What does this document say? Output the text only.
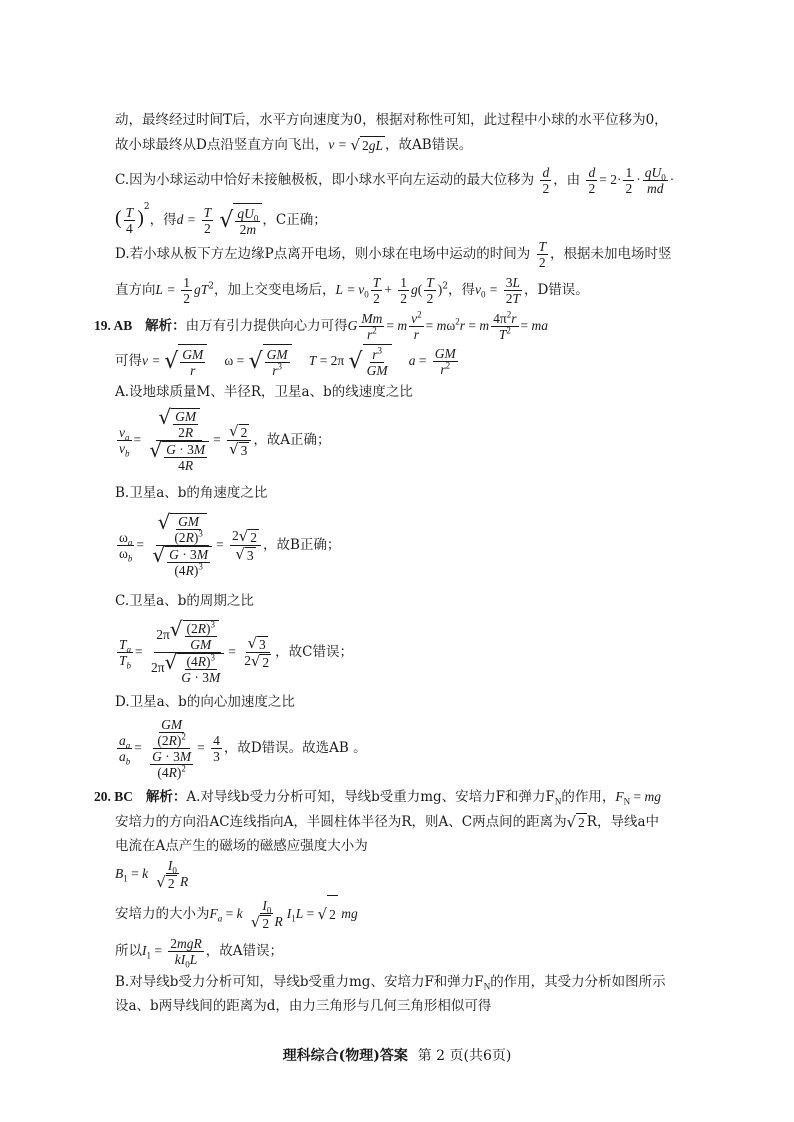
动，最终经过时间T后，水平方向速度为0，根据对称性可知，此过程中小球的水平位移为0，
故小球最终从D点沿竖直方向飞出，v = √ 2 gL ，故AB错误。
C.因为小球运动中恰好未接触极板，即小球水平向左运动的最大位移为 $\frac{d}{2}$ ，由 $\frac{d}{2} = 2\cdot \frac{1}{2} \cdot \frac{qU_0}{md}$ ·
( $\frac{T}{4} )^2$，得$d = \frac{T}{2}$
√ $\frac{qU_0}{2m}$ ，C正确；
D.若小球从板下方左边缘P点离开电场，则小球在电场中运动的时间为 $\frac{T}{2}$ ，根据未加电场时竖
直方向$L = \frac{1}{2} gT^2$，加上交变电场后，$L = v_0 \frac{T}{2} + \frac{1}{2} g( \frac{T}{2} )^2$，得$v_0 = \frac{3L}{2T}$ ，D错误。
19. AB 解析：由万有引力提供向心力可得G $\frac{Mm}{r^2} = m \frac{v^2}{r} = m\omega^2r = m \frac{4\pi^2r}{T^2}$ = ma
可得v = √ $\frac{GM}{r}$ ω = √ $\frac{GM}{r^3}$ T = 2π √ $\frac{r^3}{GM}$ $a = \frac{GM}{r^2}$
A.设地球质量M、半径R，卫星a、b的线速度之比
$\frac{v_a}{v_b} = \frac{√ \frac{GM}{2R}}{√ \frac{G \cdot 3M}{4R}} = \frac{√ 2}{√ 3}$ ，故A正确；
B.卫星a、b的角速度之比
$\frac{\omega_a}{\omega_b} = \frac{√ \frac{GM}{(2R)^3}}{√ \frac{G \cdot 3M}{(4R)^3}} = \frac{2 √ 2}{√ 3}$ ，故B正确；
C.卫星a、b的周期之比
$\frac{T_a}{T_b} = \frac{2\pi √ \frac{(2R)^3}{GM}}{2\pi √ \frac{(4R)^3}{G \cdot 3M}} = \frac{√ 3}{2 √ 2}$ ，故C错误；
D.卫星a、b的向心加速度之比
$\frac{a_a}{a_b} = \frac{\frac{GM}{(2R)^2}}{\frac{G \cdot 3M}{(4R)^2}} = \frac{4}{3}$ ，故D错误。故选AB 。
20. BC 解析：A.对导线b受力分析可知，导线b受重力mg、安培力F和弹力$F_N$的作用，$F_N$ = mg
安培力的方向沿AC连线指向A，半圆柱体半径为R，则A、C两点间的距离为 √ 2 R，导线a中
电流在A点产生的磁场的磁感应强度大小为
$B_1 = k \frac{I_0}{√ 2 R}$
安培力的大小为$F_a = k \frac{I_0}{√ 2 R} I_1L$ = √ 2 mg
所以$I_1 = \frac{\text{2mgR}}{kI_0L}$ ，故A错误；
B.对导线b受力分析可知，导线b受重力mg、安培力F和弹力$F_N$的作用，其受力分析如图所示
设a、b两导线间的距离为d，由力三角形与几何三角形相似可得
理科综合(物理)答案 第 2 页(共6页)
